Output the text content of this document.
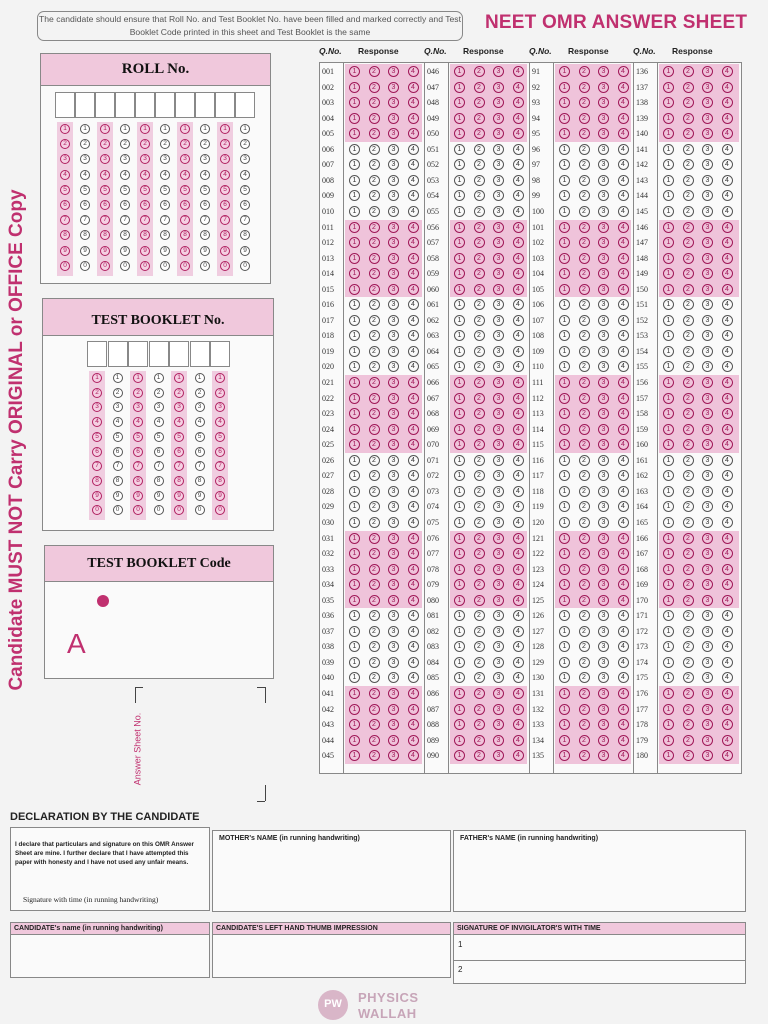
The candidate should ensure that Roll No. and Test Booklet No. have been filled and marked correctly and Test Booklet Code printed in this sheet and Test Booklet is the same	NEET OMR ANSWER SHEET
Candidate MUST NOT Carry ORIGINAL or OFFICE Copy
ROLL No.
1
2
3
4
5
6
7
8
9
0
1
2
3
4
5
6
7
8
9
0
1
2
3
4
5
6
7
8
9
0
1
2
3
4
5
6
7
8
9
0
1
2
3
4
5
6
7
8
9
0
1
2
3
4
5
6
7
8
9
0
1
2
3
4
5
6
7
8
9
0
1
2
3
4
5
6
7
8
9
0
1
2
3
4
5
6
7
8
9
0
1
2
3
4
5
6
7
8
9
0
TEST BOOKLET No.
1
2
3
4
5
6
7
8
9
0
1
2
3
4
5
6
7
8
9
0
1
2
3
4
5
6
7
8
9
0
1
2
3
4
5
6
7
8
9
0
1
2
3
4
5
6
7
8
9
0
1
2
3
4
5
6
7
8
9
0
1
2
3
4
5
6
7
8
9
0
TEST BOOKLET Code
A
Answer Sheet No.
001	1	2	3	4
002	1	2	3	4
003	1	2	3	4
004	1	2	3	4
005	1	2	3	4
006	1	2	3	4
007	1	2	3	4
008	1	2	3	4
009	1	2	3	4
010	1	2	3	4
011	1	2	3	4
012	1	2	3	4
013	1	2	3	4
014	1	2	3	4
015	1	2	3	4
016	1	2	3	4
017	1	2	3	4
018	1	2	3	4
019	1	2	3	4
020	1	2	3	4
021	1	2	3	4
022	1	2	3	4
023	1	2	3	4
024	1	2	3	4
025	1	2	3	4
026	1	2	3	4
027	1	2	3	4
028	1	2	3	4
029	1	2	3	4
030	1	2	3	4
031	1	2	3	4
032	1	2	3	4
033	1	2	3	4
034	1	2	3	4
035	1	2	3	4
036	1	2	3	4
037	1	2	3	4
038	1	2	3	4
039	1	2	3	4
040	1	2	3	4
041	1	2	3	4
042	1	2	3	4
043	1	2	3	4
044	1	2	3	4
045	1	2	3	4
046	1	2	3	4
047	1	2	3	4
048	1	2	3	4
049	1	2	3	4
050	1	2	3	4
051	1	2	3	4
052	1	2	3	4
053	1	2	3	4
054	1	2	3	4
055	1	2	3	4
056	1	2	3	4
057	1	2	3	4
058	1	2	3	4
059	1	2	3	4
060	1	2	3	4
061	1	2	3	4
062	1	2	3	4
063	1	2	3	4
064	1	2	3	4
065	1	2	3	4
066	1	2	3	4
067	1	2	3	4
068	1	2	3	4
069	1	2	3	4
070	1	2	3	4
071	1	2	3	4
072	1	2	3	4
073	1	2	3	4
074	1	2	3	4
075	1	2	3	4
076	1	2	3	4
077	1	2	3	4
078	1	2	3	4
079	1	2	3	4
080	1	2	3	4
081	1	2	3	4
082	1	2	3	4
083	1	2	3	4
084	1	2	3	4
085	1	2	3	4
086	1	2	3	4
087	1	2	3	4
088	1	2	3	4
089	1	2	3	4
090	1	2	3	4
91	1	2	3	4
92	1	2	3	4
93	1	2	3	4
94	1	2	3	4
95	1	2	3	4
96	1	2	3	4
97	1	2	3	4
98	1	2	3	4
99	1	2	3	4
100	1	2	3	4
101	1	2	3	4
102	1	2	3	4
103	1	2	3	4
104	1	2	3	4
105	1	2	3	4
106	1	2	3	4
107	1	2	3	4
108	1	2	3	4
109	1	2	3	4
110	1	2	3	4
111	1	2	3	4
112	1	2	3	4
113	1	2	3	4
114	1	2	3	4
115	1	2	3	4
116	1	2	3	4
117	1	2	3	4
118	1	2	3	4
119	1	2	3	4
120	1	2	3	4
121	1	2	3	4
122	1	2	3	4
123	1	2	3	4
124	1	2	3	4
125	1	2	3	4
126	1	2	3	4
127	1	2	3	4
128	1	2	3	4
129	1	2	3	4
130	1	2	3	4
131	1	2	3	4
132	1	2	3	4
133	1	2	3	4
134	1	2	3	4
135	1	2	3	4
136	1	2	3	4
137	1	2	3	4
138	1	2	3	4
139	1	2	3	4
140	1	2	3	4
141	1	2	3	4
142	1	2	3	4
143	1	2	3	4
144	1	2	3	4
145	1	2	3	4
146	1	2	3	4
147	1	2	3	4
148	1	2	3	4
149	1	2	3	4
150	1	2	3	4
151	1	2	3	4
152	1	2	3	4
153	1	2	3	4
154	1	2	3	4
155	1	2	3	4
156	1	2	3	4
157	1	2	3	4
158	1	2	3	4
159	1	2	3	4
160	1	2	3	4
161	1	2	3	4
162	1	2	3	4
163	1	2	3	4
164	1	2	3	4
165	1	2	3	4
166	1	2	3	4
167	1	2	3	4
168	1	2	3	4
169	1	2	3	4
170	1	2	3	4
171	1	2	3	4
172	1	2	3	4
173	1	2	3	4
174	1	2	3	4
175	1	2	3	4
176	1	2	3	4
177	1	2	3	4
178	1	2	3	4
179	1	2	3	4
180	1	2	3	4
DECLARATION BY THE CANDIDATE
I declare that particulars and signature on this OMR Answer Sheet are mine. I further declare that I have attempted this paper with honesty and I have not used any unfair means.
Signature with time (in running handwriting)
MOTHER's NAME (in running handwriting)	FATHER's NAME (in running handwriting)
CANDIDATE's name (in running handwriting)	CANDIDATE'S LEFT HAND THUMB IMPRESSION	SIGNATURE OF INVIGILATOR'S WITH TIME
1
2
PW	PHYSICS
WALLAH
Q.No. Response	Q.No. Response	Q.No. Response	Q.No. Response
